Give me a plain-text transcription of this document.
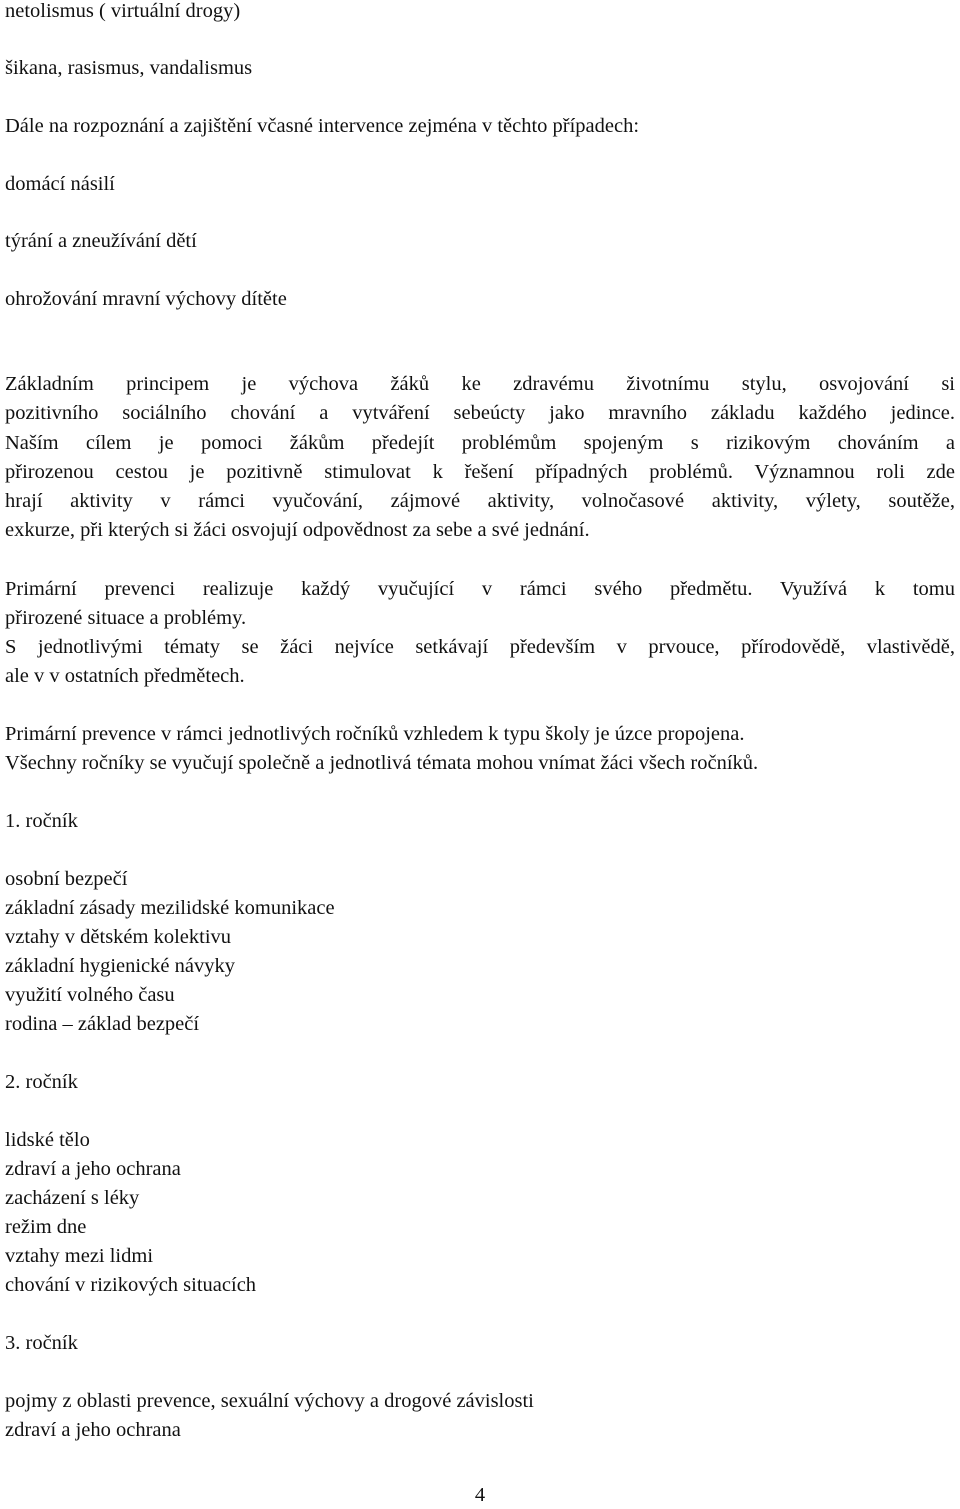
netolismus ( virtuální drogy)
šikana, rasismus, vandalismus
Dále na rozpoznání a zajištění včasné intervence zejména v těchto případech:
domácí násilí
týrání a zneužívání dětí
ohrožování mravní výchovy dítěte
Základním principem je výchova žáků ke zdravému životnímu stylu, osvojování si
pozitivního sociálního chování a vytváření sebeúcty jako mravního základu každého jedince.
Naším cílem je pomoci žákům předejít problémům spojeným s rizikovým chováním a
přirozenou cestou je pozitivně stimulovat k řešení případných problémů. Významnou roli zde
hrají aktivity v rámci vyučování, zájmové aktivity, volnočasové aktivity, výlety, soutěže,
exkurze, při kterých si žáci osvojují odpovědnost za sebe a své jednání.
Primární prevenci realizuje každý vyučující v rámci svého předmětu. Využívá k tomu
přirozené situace a problémy.
S jednotlivými tématy se žáci nejvíce setkávají především v prvouce, přírodovědě, vlastivědě,
ale v v ostatních předmětech.
Primární prevence v rámci jednotlivých ročníků vzhledem k typu školy je úzce propojena.
Všechny ročníky se vyučují společně a jednotlivá témata mohou vnímat žáci všech ročníků.
1. ročník
osobní bezpečí
základní zásady mezilidské komunikace
vztahy v dětském kolektivu
základní hygienické návyky
využití volného času
rodina – základ bezpečí
2. ročník
lidské tělo
zdraví a jeho ochrana
zacházení s léky
režim dne
vztahy mezi lidmi
chování v rizikových situacích
3. ročník
pojmy z oblasti prevence, sexuální výchovy a drogové závislosti
zdraví a jeho ochrana
4
